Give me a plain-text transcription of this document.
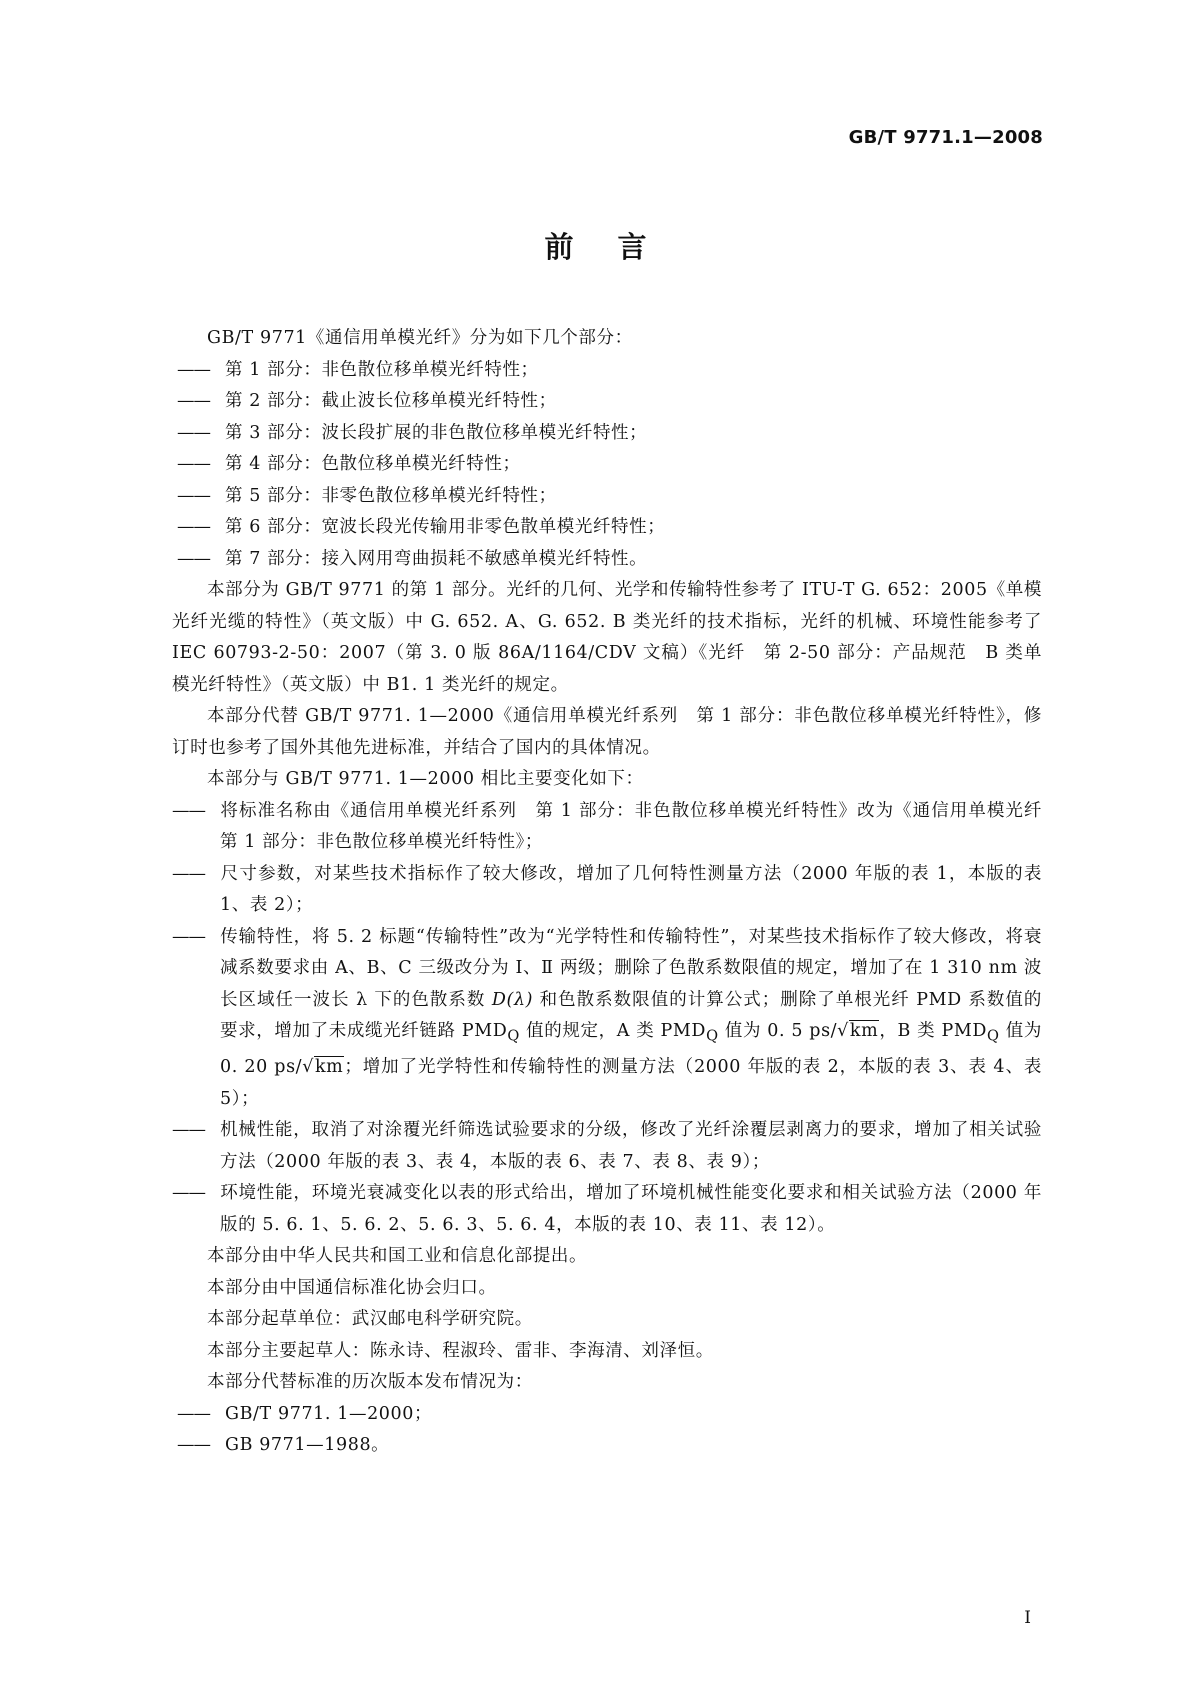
GB/T 9771.1—2008
前言

GB/T 9771《通信用单模光纤》分为如下几个部分：

—— 第 1 部分：非色散位移单模光纤特性；
—— 第 2 部分：截止波长位移单模光纤特性；
—— 第 3 部分：波长段扩展的非色散位移单模光纤特性；
—— 第 4 部分：色散位移单模光纤特性；
—— 第 5 部分：非零色散位移单模光纤特性；
—— 第 6 部分：宽波长段光传输用非零色散单模光纤特性；
—— 第 7 部分：接入网用弯曲损耗不敏感单模光纤特性。

本部分为 GB/T 9771 的第 1 部分。光纤的几何、光学和传输特性参考了 ITU-T G. 652：2005《单模光纤光缆的特性》（英文版）中 G. 652. A、G. 652. B 类光纤的技术指标，光纤的机械、环境性能参考了 IEC 60793-2-50：2007（第 3. 0 版 86A/1164/CDV 文稿）《光纤　第 2-50 部分：产品规范　B 类单模光纤特性》（英文版）中 B1. 1 类光纤的规定。

本部分代替 GB/T 9771. 1—2000《通信用单模光纤系列　第 1 部分：非色散位移单模光纤特性》，修订时也参考了国外其他先进标准，并结合了国内的具体情况。

本部分与 GB/T 9771. 1—2000 相比主要变化如下：

—— 将标准名称由《通信用单模光纤系列　第 1 部分：非色散位移单模光纤特性》改为《通信用单模光纤　第 1 部分：非色散位移单模光纤特性》；

—— 尺寸参数，对某些技术指标作了较大修改，增加了几何特性测量方法（2000 年版的表 1，本版的表 1、表 2）；

—— 传输特性，将 5. 2 标题“传输特性”改为“光学特性和传输特性”，对某些技术指标作了较大修改，将衰减系数要求由 A、B、C 三级改分为 Ⅰ、Ⅱ 两级；删除了色散系数限值的规定，增加了在 1 310 nm 波长区域任一波长 λ 下的色散系数 D(λ) 和色散系数限值的计算公式；删除了单根光纤 PMD 系数值的要求，增加了未成缆光纤链路 $PMD_Q$ 值的规定，A 类 $PMD_Q$ 值为 0. 5 ps/√km，B 类 $PMD_Q$ 值为 0. 20 ps/√km；增加了光学特性和传输特性的测量方法（2000 年版的表 2，本版的表 3、表 4、表 5）；

—— 机械性能，取消了对涂覆光纤筛选试验要求的分级，修改了光纤涂覆层剥离力的要求，增加了相关试验方法（2000 年版的表 3、表 4，本版的表 6、表 7、表 8、表 9）；

—— 环境性能，环境光衰减变化以表的形式给出，增加了环境机械性能变化要求和相关试验方法（2000 年版的 5. 6. 1、5. 6. 2、5. 6. 3、5. 6. 4，本版的表 10、表 11、表 12）。

本部分由中华人民共和国工业和信息化部提出。

本部分由中国通信标准化协会归口。

本部分起草单位：武汉邮电科学研究院。

本部分主要起草人：陈永诗、程淑玲、雷非、李海清、刘泽恒。

本部分代替标准的历次版本发布情况为：

—— GB/T 9771. 1—2000；
—— GB 9771—1988。
I
